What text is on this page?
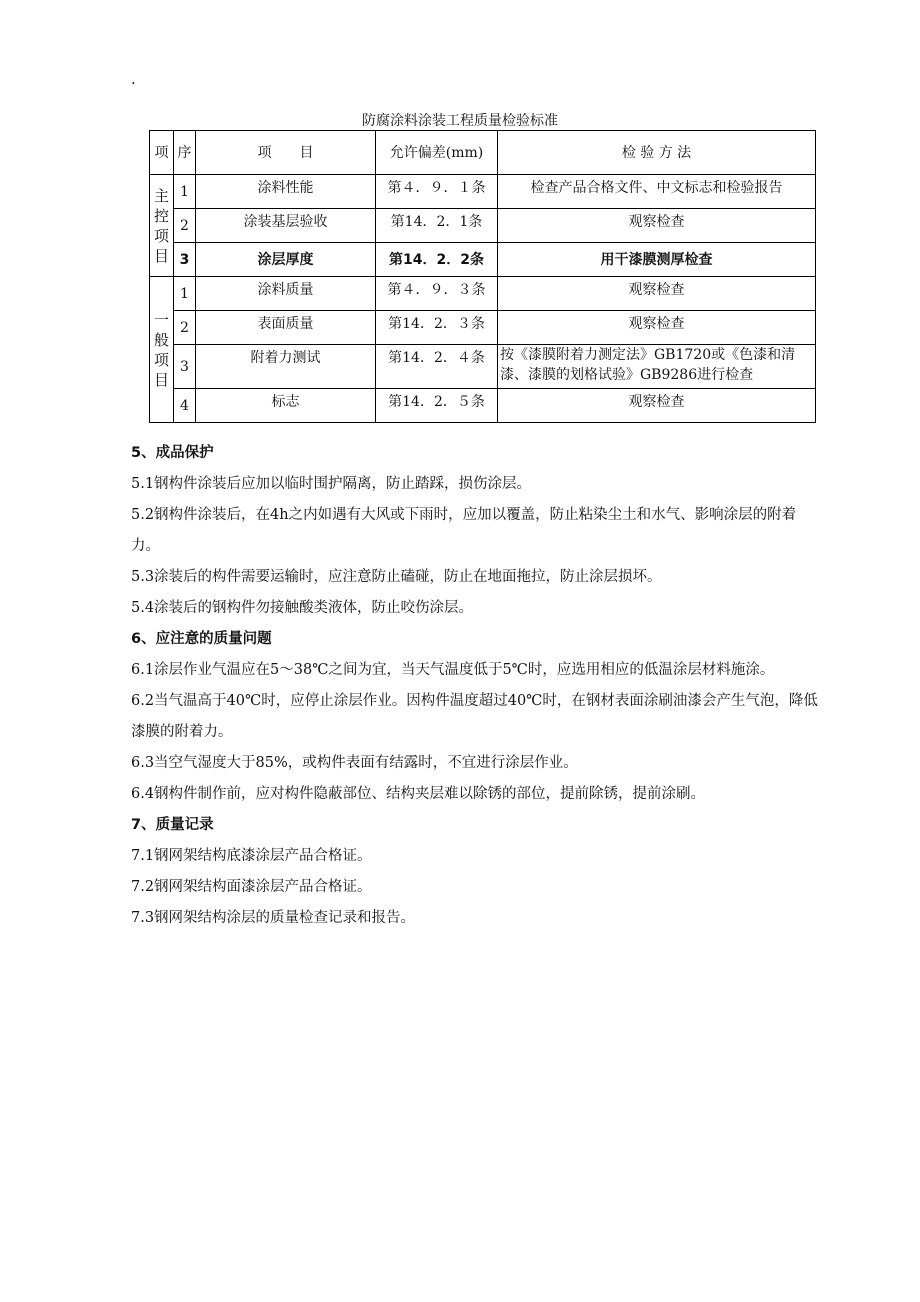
.
防腐涂料涂装工程质量检验标准
项	序	项　　目	允许偏差(mm)	检 验 方 法

主
控
项
目	1	涂料性能	第４．９．１条	检查产品合格文件、中文标志和检验报告
	2	涂装基层验收	第14．2．1条	观察检查
	3	涂层厚度	第14．2．2条	用干漆膜测厚检查

一
般
项
目	1	涂料质量	第４．９．３条	观察检查
	2	表面质量	第14．2．３条	观察检查
	3	附着力测试	第14．2．４条	按《漆膜附着力测定法》GB1720或《色漆和清漆、漆膜的划格试验》GB9286进行检查
	4	标志	第14．2．５条	观察检查
5、成品保护

5.1钢构件涂装后应加以临时围护隔离，防止踏踩，损伤涂层。

5.2钢构件涂装后，在4h之内如遇有大风或下雨时，应加以覆盖，防止粘染尘土和水气、影响涂层的附着力。

5.3涂装后的构件需要运输时，应注意防止磕碰，防止在地面拖拉，防止涂层损坏。

5.4涂装后的钢构件勿接触酸类液体，防止咬伤涂层。

6、应注意的质量问题

6.1涂层作业气温应在5～38℃之间为宜，当天气温度低于5℃时，应选用相应的低温涂层材料施涂。

6.2当气温高于40℃时，应停止涂层作业。因构件温度超过40℃时，在钢材表面涂刷油漆会产生气泡，降低漆膜的附着力。

6.3当空气湿度大于85%，或构件表面有结露时，不宜进行涂层作业。

6.4钢构件制作前，应对构件隐蔽部位、结构夹层难以除锈的部位，提前除锈，提前涂刷。

7、质量记录

7.1钢网架结构底漆涂层产品合格证。

7.2钢网架结构面漆涂层产品合格证。

7.3钢网架结构涂层的质量检查记录和报告。
